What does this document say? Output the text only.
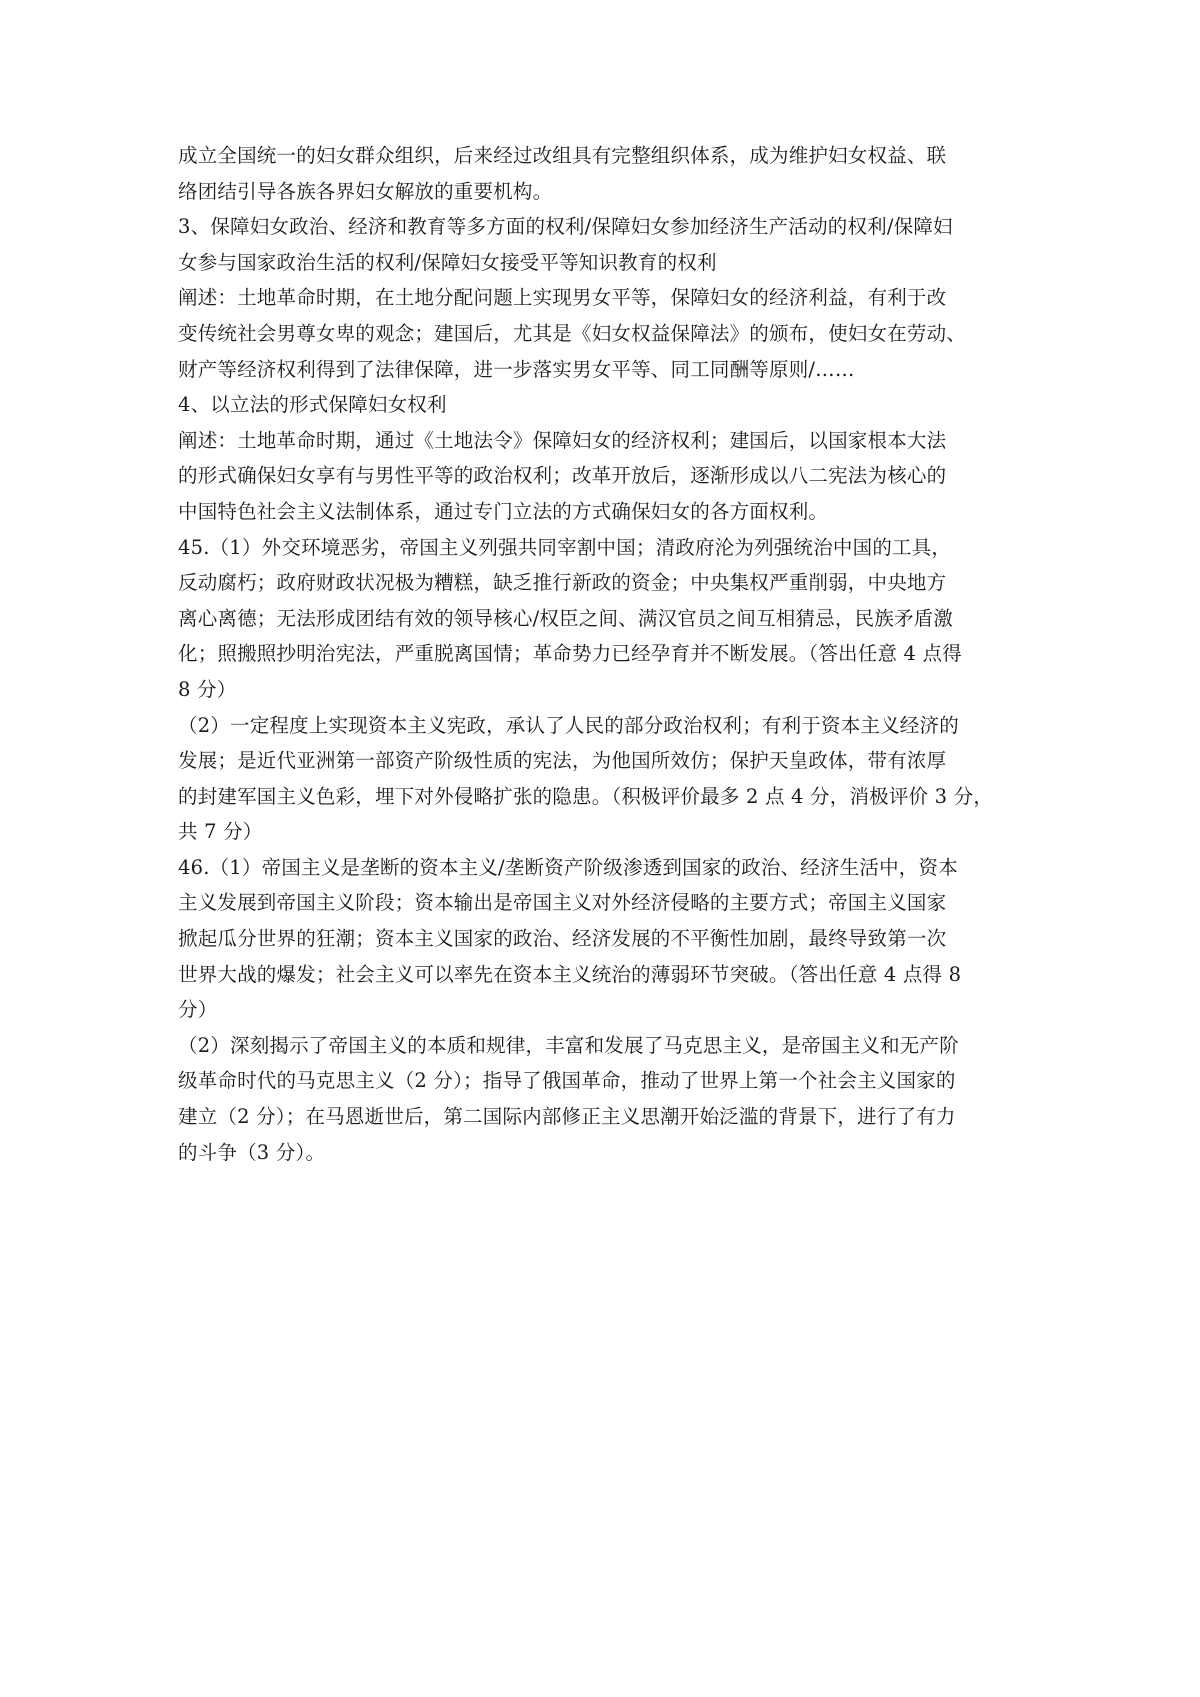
成立全国统一的妇女群众组织，后来经过改组具有完整组织体系，成为维护妇女权益、联
络团结引导各族各界妇女解放的重要机构。
3、保障妇女政治、经济和教育等多方面的权利/保障妇女参加经济生产活动的权利/保障妇
女参与国家政治生活的权利/保障妇女接受平等知识教育的权利
阐述：土地革命时期，在土地分配问题上实现男女平等，保障妇女的经济利益，有利于改
变传统社会男尊女卑的观念；建国后，尤其是《妇女权益保障法》的颁布，使妇女在劳动、
财产等经济权利得到了法律保障，进一步落实男女平等、同工同酬等原则/……
4、以立法的形式保障妇女权利
阐述：土地革命时期，通过《土地法令》保障妇女的经济权利；建国后，以国家根本大法
的形式确保妇女享有与男性平等的政治权利；改革开放后，逐渐形成以八二宪法为核心的
中国特色社会主义法制体系，通过专门立法的方式确保妇女的各方面权利。
45.（1）外交环境恶劣，帝国主义列强共同宰割中国；清政府沦为列强统治中国的工具，
反动腐朽；政府财政状况极为糟糕，缺乏推行新政的资金；中央集权严重削弱，中央地方
离心离德；无法形成团结有效的领导核心/权臣之间、满汉官员之间互相猜忌，民族矛盾激
化；照搬照抄明治宪法，严重脱离国情；革命势力已经孕育并不断发展。（答出任意 4 点得
8 分）
（2）一定程度上实现资本主义宪政，承认了人民的部分政治权利；有利于资本主义经济的
发展；是近代亚洲第一部资产阶级性质的宪法，为他国所效仿；保护天皇政体，带有浓厚
的封建军国主义色彩，埋下对外侵略扩张的隐患。（积极评价最多 2 点 4 分，消极评价 3 分，
共 7 分）
46.（1）帝国主义是垄断的资本主义/垄断资产阶级渗透到国家的政治、经济生活中，资本
主义发展到帝国主义阶段；资本输出是帝国主义对外经济侵略的主要方式；帝国主义国家
掀起瓜分世界的狂潮；资本主义国家的政治、经济发展的不平衡性加剧，最终导致第一次
世界大战的爆发；社会主义可以率先在资本主义统治的薄弱环节突破。（答出任意 4 点得 8
分）
（2）深刻揭示了帝国主义的本质和规律，丰富和发展了马克思主义，是帝国主义和无产阶
级革命时代的马克思主义（2 分）；指导了俄国革命，推动了世界上第一个社会主义国家的
建立（2 分）；在马恩逝世后，第二国际内部修正主义思潮开始泛滥的背景下，进行了有力
的斗争（3 分）。
